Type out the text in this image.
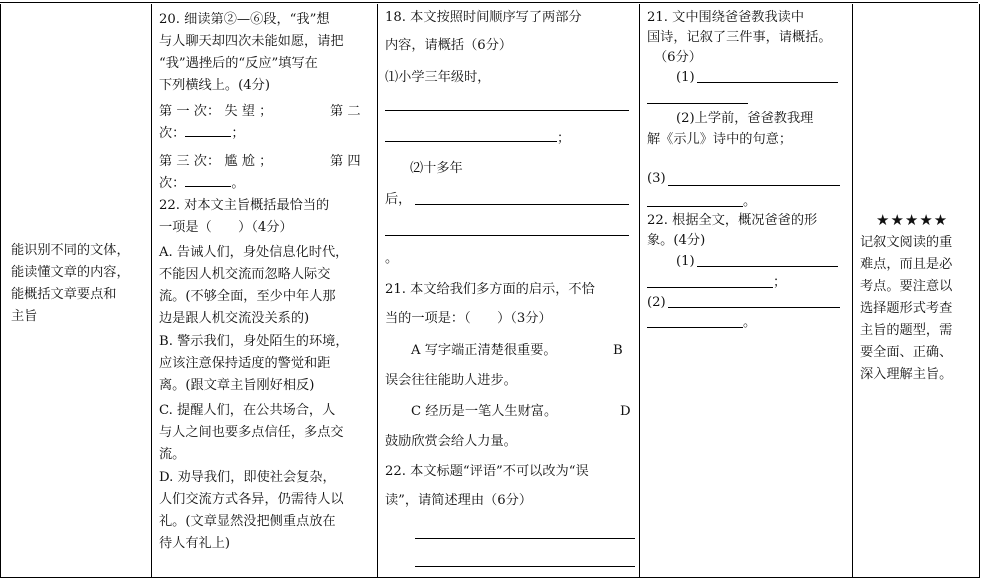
能识别不同的文体，
能读懂文章的内容，
能概括文章要点和
主旨
20. 细读第②—⑥段，“我”想
与人聊天却四次未能如愿，请把
“我”遇挫后的“反应”填写在
下列横线上。(4分)
第 一 次： 失 望 ；	第 二
次：	；
第 三 次： 尴 尬 ；	第 四
次：	。
22. 对本文主旨概括最恰当的
一项是（　　）（4分）
A. 告诫人们，身处信息化时代，
不能因人机交流而忽略人际交
流。(不够全面，至少中年人那
边是跟人机交流没关系的)
B. 警示我们，身处陌生的环境，
应该注意保持适度的警觉和距
离。(跟文章主旨刚好相反)
C. 提醒人们，在公共场合，人
与人之间也要多点信任，多点交
流。
D. 劝导我们，即使社会复杂，
人们交流方式各异，仍需待人以
礼。(文章显然没把侧重点放在
待人有礼上)
18. 本文按照时间顺序写了两部分
内容，请概括（6分）
⑴小学三年级时，
；
⑵十多年
后，
。
21. 本文给我们多方面的启示，不恰
当的一项是：（　　）（3分）
A 写字端正清楚很重要。	B
误会往往能助人进步。
C 经历是一笔人生财富。	D
鼓励欣赏会给人力量。
22. 本文标题“评语”不可以改为“误
读”，请简述理由（6分）
21. 文中围绕爸爸教我读中
国诗，记叙了三件事，请概括。
（6分）
(1)
(2)上学前，爸爸教我理
解《示儿》诗中的句意；
(3)
。
22. 根据全文，概况爸爸的形
象。(4分)
(1)
；
(2)
。
★★★★★
记叙文阅读的重
难点，而且是必
考点。要注意以
选择题形式考查
主旨的题型，需
要全面、正确、
深入理解主旨。
